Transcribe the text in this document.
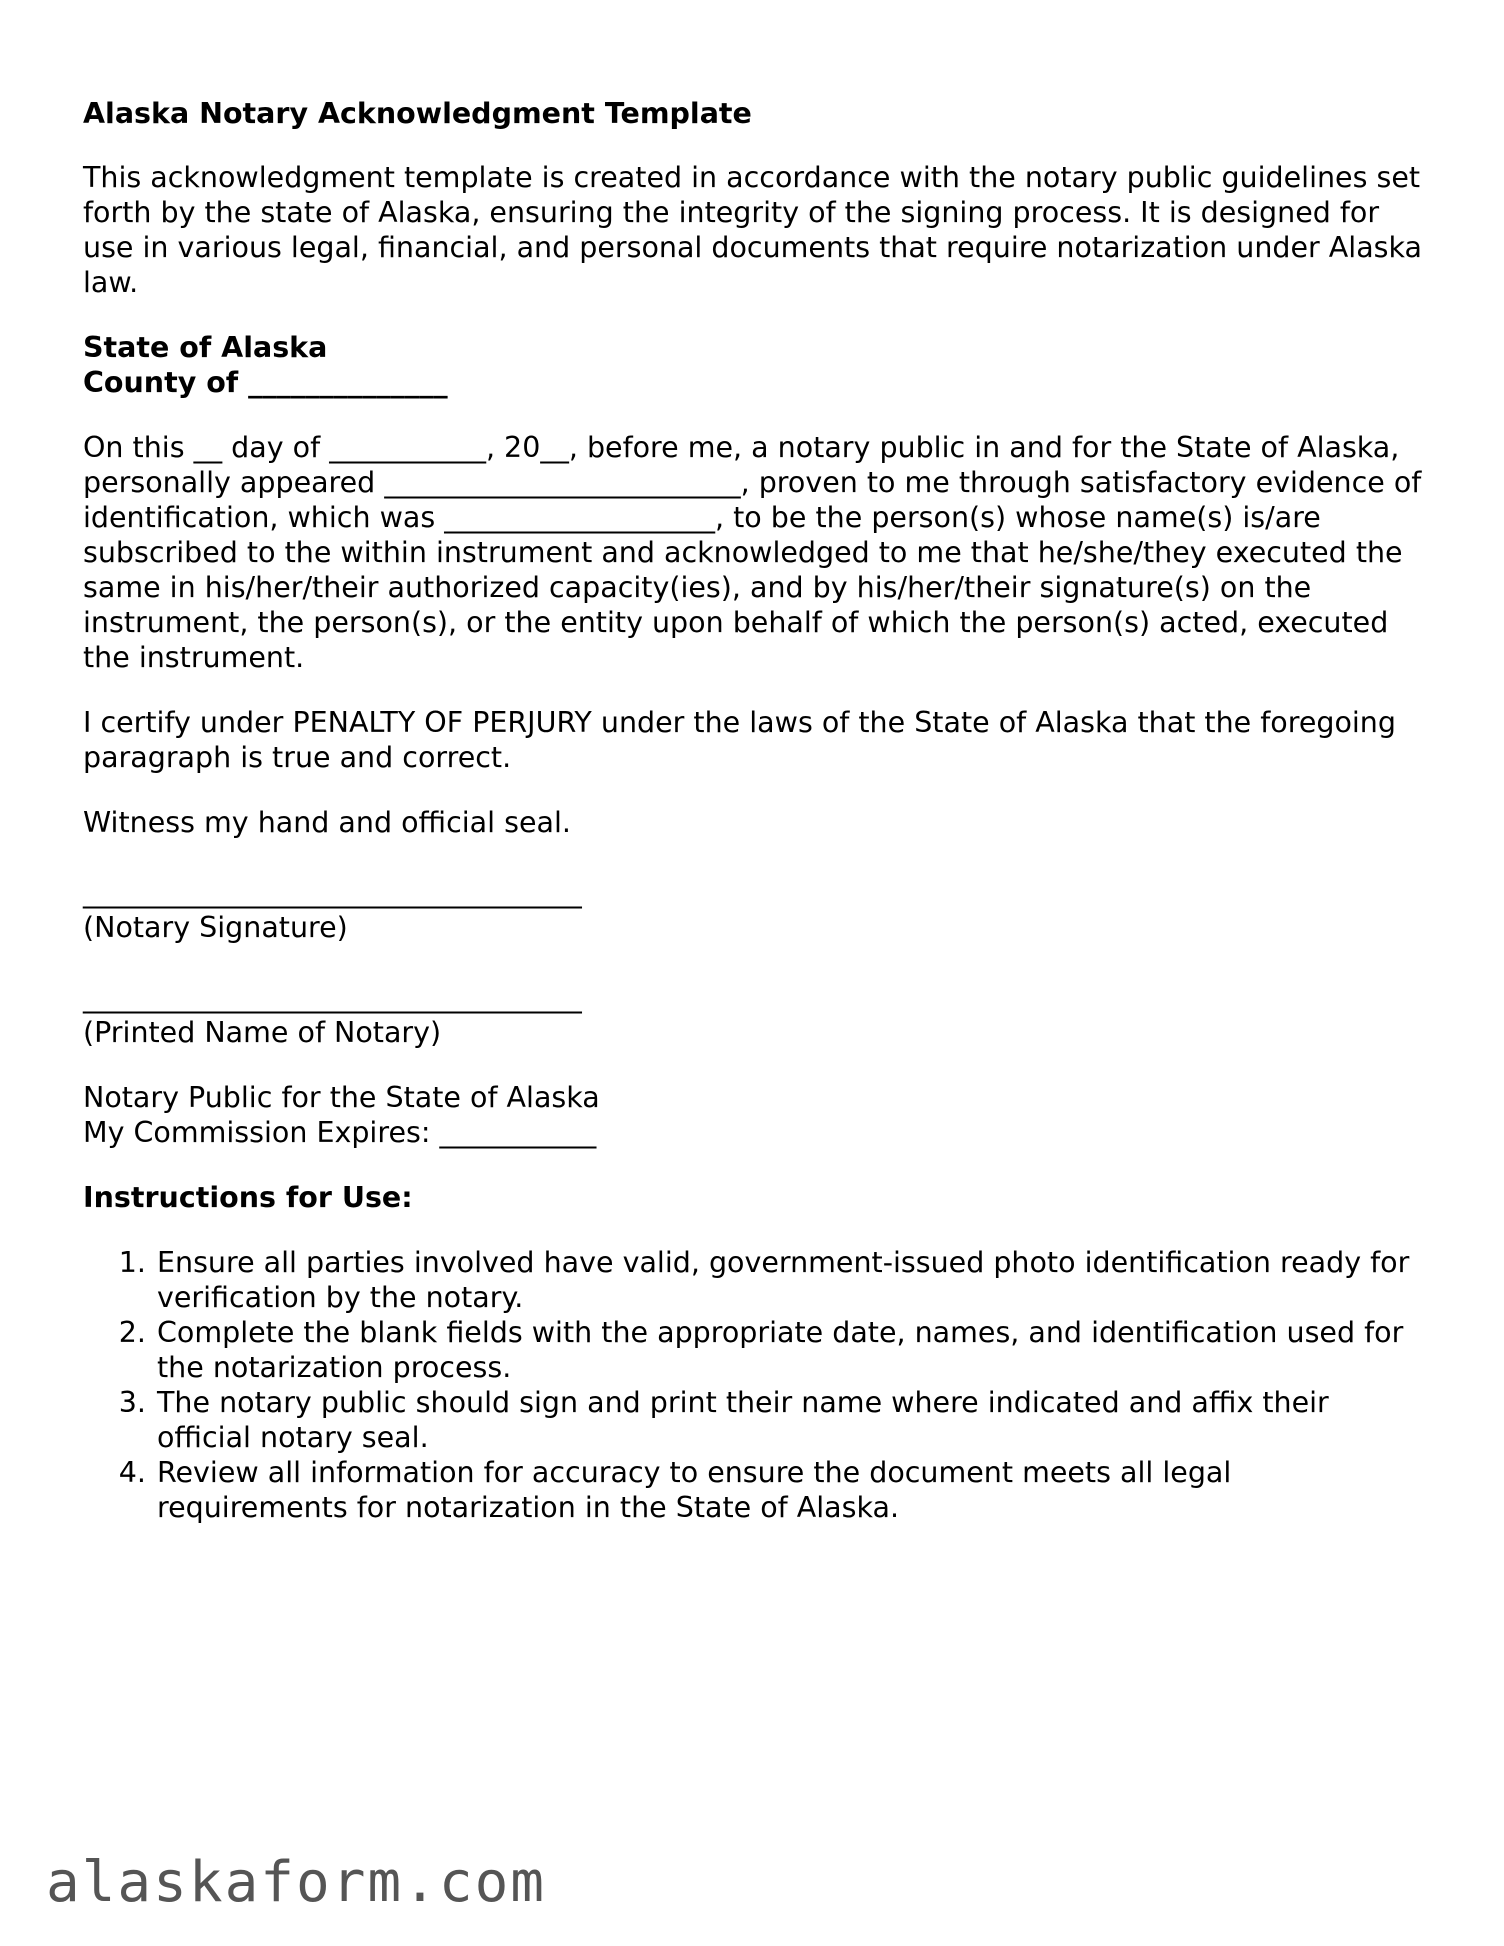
Alaska Notary Acknowledgment Template

This acknowledgment template is created in accordance with the notary public guidelines set forth by the state of Alaska, ensuring the integrity of the signing process. It is designed for use in various legal, financial, and personal documents that require notarization under Alaska law.

State of Alaska
County of ______________

On this __ day of ___________, 20__, before me, a notary public in and for the State of Alaska, personally appeared _________________________, proven to me through satisfactory evidence of identification, which was ___________________, to be the person(s) whose name(s) is/are subscribed to the within instrument and acknowledged to me that he/she/they executed the same in his/her/their authorized capacity(ies), and by his/her/their signature(s) on the instrument, the person(s), or the entity upon behalf of which the person(s) acted, executed the instrument.

I certify under PENALTY OF PERJURY under the laws of the State of Alaska that the foregoing paragraph is true and correct.

Witness my hand and official seal.

___________________________________
(Notary Signature)
___________________________________
(Printed Name of Notary)
Notary Public for the State of Alaska
My Commission Expires: ___________
Instructions for Use:
1. Ensure all parties involved have valid, government-issued photo identification ready for verification by the notary.
2. Complete the blank fields with the appropriate date, names, and identification used for the notarization process.
3. The notary public should sign and print their name where indicated and affix their official notary seal.
4. Review all information for accuracy to ensure the document meets all legal requirements for notarization in the State of Alaska.
alaskaform.com
